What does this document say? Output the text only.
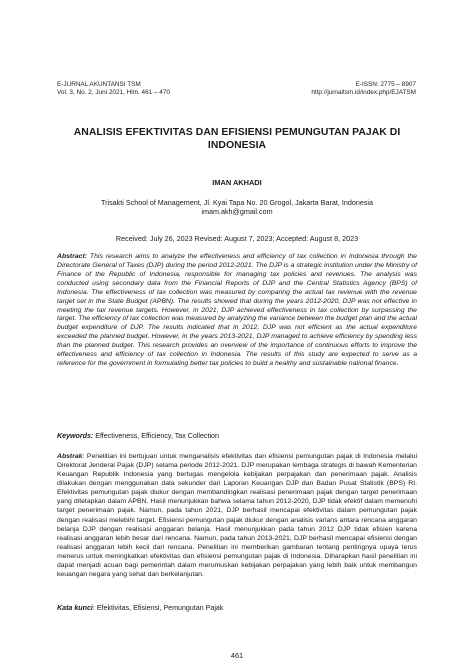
E-JURNAL AKUNTANSI TSM
Vol. 3, No. 2, Juni 2021, Hlm. 461 – 470
E-ISSN: 2775 – 8907
http://jurnaltsm.id/index.php/EJATSM
ANALISIS EFEKTIVITAS DAN EFISIENSI PEMUNGUTAN PAJAK DI INDONESIA
IMAN AKHADI
Trisakti School of Management, Jl. Kyai Tapa No. 20 Grogol, Jakarta Barat, Indonesia
imam.akh@gmail.com
Received: July 26, 2023 Revised: August 7, 2023; Accepted: August 8, 2023
Abstract: This research aims to analyze the effectiveness and efficiency of tax collection in Indonesia through the Directorate General of Taxes (DJP) during the period 2012-2021. The DJP is a strategic institution under the Ministry of Finance of the Republic of Indonesia, responsible for managing tax policies and revenues. The analysis was conducted using secondary data from the Financial Reports of DJP and the Central Statistics Agency (BPS) of Indonesia. The effectiveness of tax collection was measured by comparing the actual tax revenue with the revenue target set in the State Budget (APBN). The results showed that during the years 2012-2020, DJP was not effective in meeting the tax revenue targets. However, in 2021, DJP achieved effectiveness in tax collection by surpassing the target. The efficiency of tax collection was measured by analyzing the variance between the budget plan and the actual budget expenditure of DJP. The results indicated that in 2012, DJP was not efficient as the actual expenditure exceeded the planned budget. However, in the years 2013-2021, DJP managed to achieve efficiency by spending less than the planned budget. This research provides an overview of the importance of continuous efforts to improve the effectiveness and efficiency of tax collection in Indonesia. The results of this study are expected to serve as a reference for the government in formulating better tax policies to build a healthy and sustainable national finance.
Keywords: Effectiveness, Efficiency, Tax Collection
Abstrak: Penelitian ini bertujuan untuk menganalisis efektivitas dan efisiensi pemungutan pajak di Indonesia melalui Direktorat Jenderal Pajak (DJP) selama periode 2012-2021. DJP merupakan lembaga strategis di bawah Kementerian Keuangan Republik Indonesia yang bertugas mengelola kebijakan perpajakan dan penerimaan pajak. Analisis dilakukan dengan menggunakan data sekunder dari Laporan Keuangan DJP dan Badan Pusat Statistik (BPS) RI. Efektivitas pemungutan pajak diukur dengan membandingkan realisasi penerimaan pajak dengan target penerimaan yang ditetapkan dalam APBN. Hasil menunjukkan bahwa selama tahun 2012-2020, DJP tidak efektif dalam memenuhi target penerimaan pajak. Namun, pada tahun 2021, DJP berhasil mencapai efektivitas dalam pemungutan pajak dengan realisasi melebihi target. Efisiensi pemungutan pajak diukur dengan analisis varians antara rencana anggaran belanja DJP dengan realisasi anggaran belanja. Hasil menunjukkan pada tahun 2012 DJP tidak efisien karena realisasi anggaran lebih besar dari rencana. Namun, pada tahun 2013-2021, DJP berhasil mencapai efisiensi dengan realisasi anggaran lebih kecil dari rencana. Penelitian ini memberikan gambaran tentang pentingnya upaya terus menerus untuk meningkatkan efektivitas dan efisiensi pemungutan pajak di Indonesia. Diharapkan hasil penelitian ini dapat menjadi acuan bagi pemerintah dalam merumuskan kebijakan perpajakan yang lebih baik untuk membangun keuangan negara yang sehat dan berkelanjutan.
Kata kunci: Efektivitas, Efisiensi, Pemungutan Pajak
461
